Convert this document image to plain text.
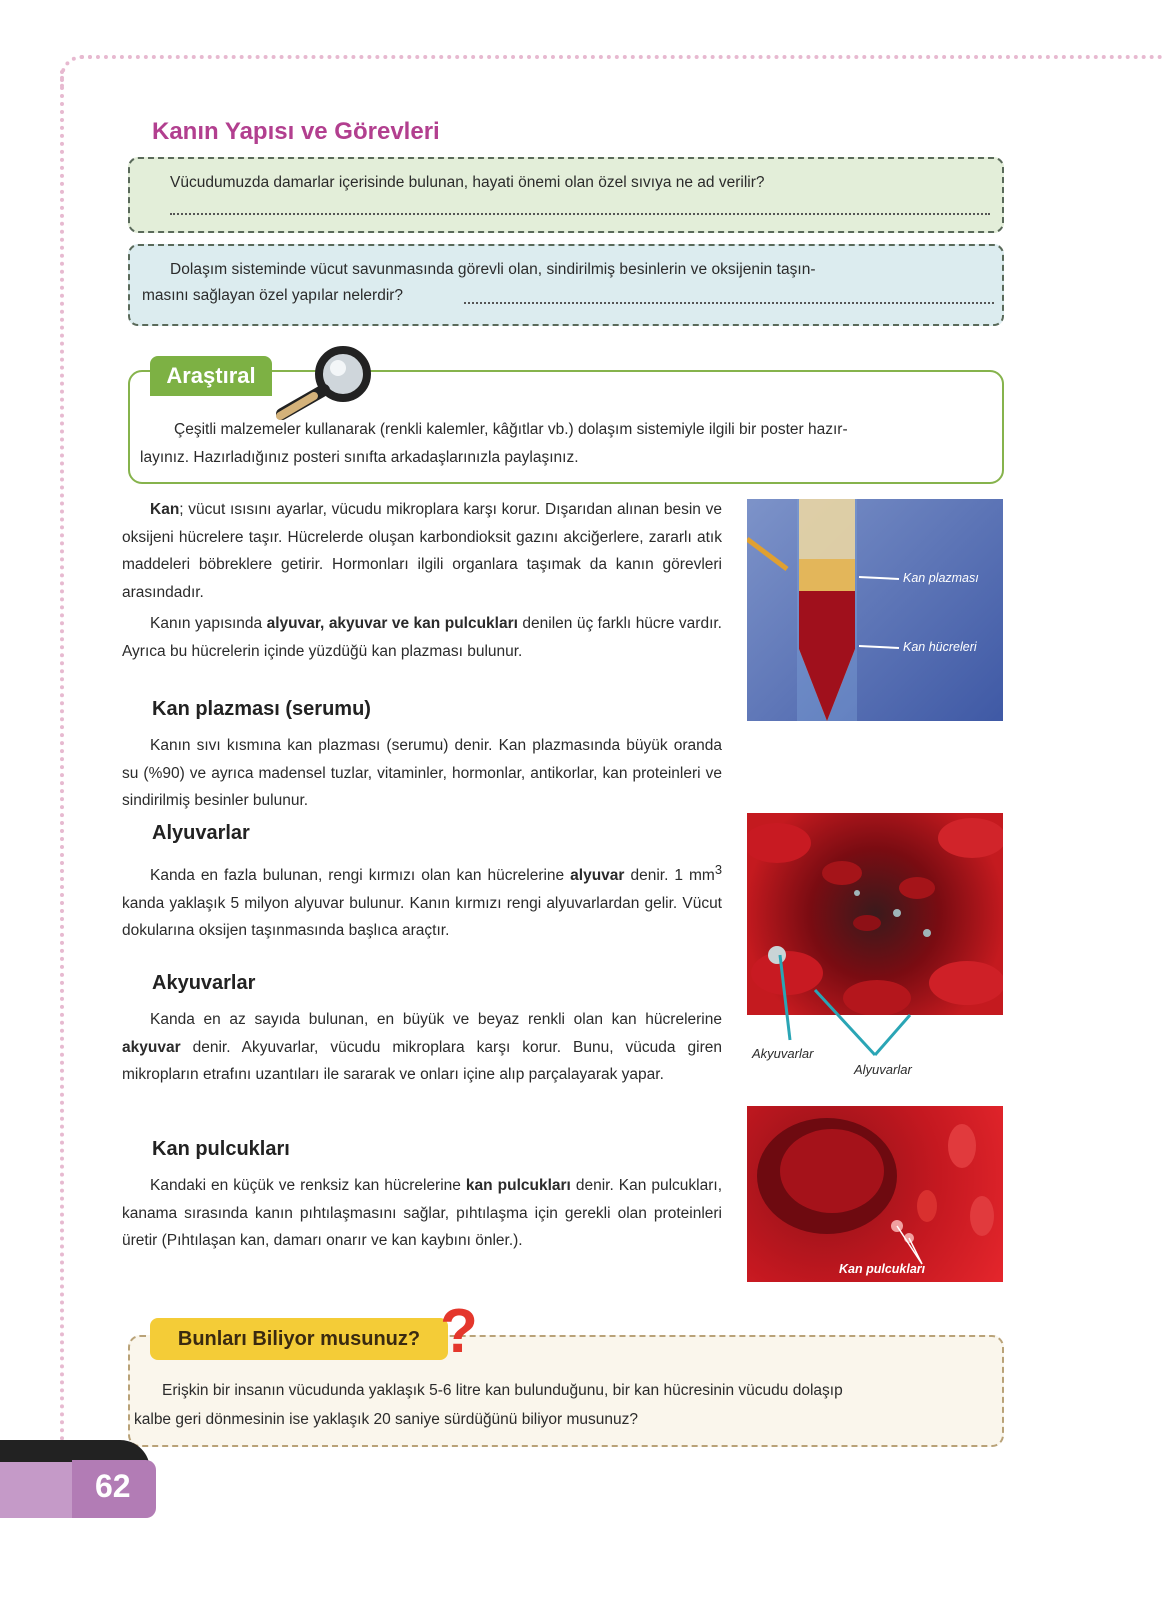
Kanın Yapısı ve Görevleri
Vücudumuzda damarlar içerisinde bulunan, hayati önemi olan özel sıvıya ne ad verilir?
Dolaşım sisteminde vücut savunmasında görevli olan, sindirilmiş besinlerin ve oksijenin taşın-
masını sağlayan özel yapılar nelerdir?
Araştıral
Çeşitli malzemeler kullanarak (renkli kalemler, kâğıtlar vb.) dolaşım sistemiyle ilgili bir poster hazır-
layınız. Hazırladığınız posteri sınıfta arkadaşlarınızla paylaşınız.
Kan; vücut ısısını ayarlar, vücudu mikroplara karşı korur. Dışarıdan alınan besin ve oksijeni hücrelere taşır. Hücrelerde oluşan karbondioksit gazını akciğerlere, zararlı atık maddeleri böbreklere getirir. Hormonları ilgili organlara taşımak da kanın görevleri arasındadır.
Kanın yapısında alyuvar, akyuvar ve kan pulcukları denilen üç farklı hücre vardır. Ayrıca bu hücrelerin içinde yüzdüğü kan plazması bulunur.
Kan plazması (serumu)
Kanın sıvı kısmına kan plazması (serumu) denir. Kan plazmasında büyük oranda su (%90) ve ayrıca madensel tuzlar, vitaminler, hormonlar, antikorlar, kan proteinleri ve sindirilmiş besinler bulunur.
Alyuvarlar
Kanda en fazla bulunan, rengi kırmızı olan kan hücrelerine alyuvar denir. 1 $mm^3$ kanda yaklaşık 5 milyon alyuvar bulunur. Kanın kırmızı rengi alyuvarlardan gelir. Vücut dokularına oksijen taşınmasında başlıca araçtır.
Akyuvarlar
Kanda en az sayıda bulunan, en büyük ve beyaz renkli olan kan hücrelerine akyuvar denir. Akyuvarlar, vücudu mikroplara karşı korur. Bunu, vücuda giren mikropların etrafını uzantıları ile sararak ve onları içine alıp parçalayarak yapar.
Kan pulcukları
Kandaki en küçük ve renksiz kan hücrelerine kan pulcukları denir. Kan pulcukları, kanama sırasında kanın pıhtılaşmasını sağlar, pıhtılaşma için gerekli olan proteinleri üretir (Pıhtılaşan kan, damarı onarır ve kan kaybını önler.).
Kan plazması
Kan hücreleri
Akyuvarlar
Alyuvarlar
Kan pulcukları
Bunları Biliyor musunuz? ?
Erişkin bir insanın vücudunda yaklaşık 5-6 litre kan bulunduğunu, bir kan hücresinin vücudu dolaşıp
kalbe geri dönmesinin ise yaklaşık 20 saniye sürdüğünü biliyor musunuz?
62
